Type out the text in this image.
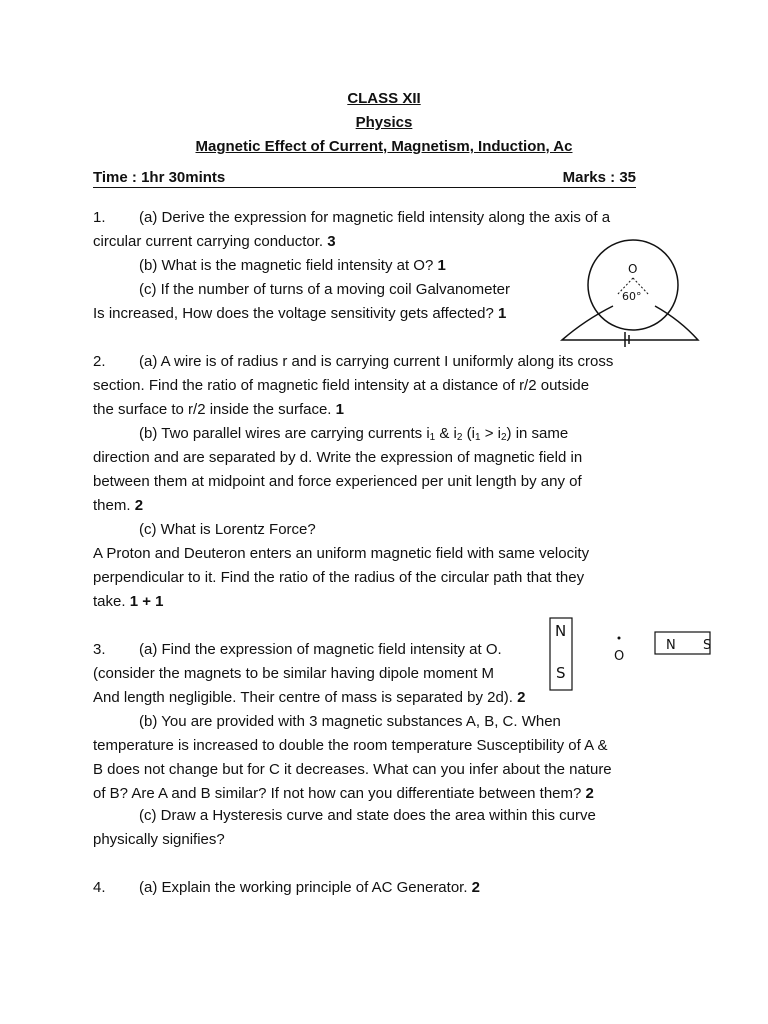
CLASS XII
Physics
Magnetic Effect of Current, Magnetism, Induction, Ac
Time : 1hr 30mints	Marks : 35
1. (a) Derive the expression for magnetic field intensity along the axis of a
circular current carrying conductor. 3
(b) What is the magnetic field intensity at O? 1
(c) If the number of turns of a moving coil Galvanometer
Is increased, How does the voltage sensitivity gets affected? 1
O
60°
2. (a) A wire is of radius r and is carrying current I uniformly along its cross
section. Find the ratio of magnetic field intensity at a distance of r/2 outside
the surface to r/2 inside the surface. 1
(b) Two parallel wires are carrying currents $i_1$ & $i_2$ $(i_1 > i_2)$ in same
direction and are separated by d. Write the expression of magnetic field in
between them at midpoint and force experienced per unit length by any of
them. 2
(c) What is Lorentz Force?
A Proton and Deuteron enters an uniform magnetic field with same velocity
perpendicular to it. Find the ratio of the radius of the circular path that they
take. 1 + 1
3. (a) Find the expression of magnetic field intensity at O.
(consider the magnets to be similar having dipole moment M
And length negligible. Their centre of mass is separated by 2d). 2
(b) You are provided with 3 magnetic substances A, B, C. When
temperature is increased to double the room temperature Susceptibility of A &
B does not change but for C it decreases. What can you infer about the nature
of B? Are A and B similar? If not how can you differentiate between them? 2
(c) Draw a Hysteresis curve and state does the area within this curve
physically signifies?
N
S
O
N S
4. (a) Explain the working principle of AC Generator. 2
